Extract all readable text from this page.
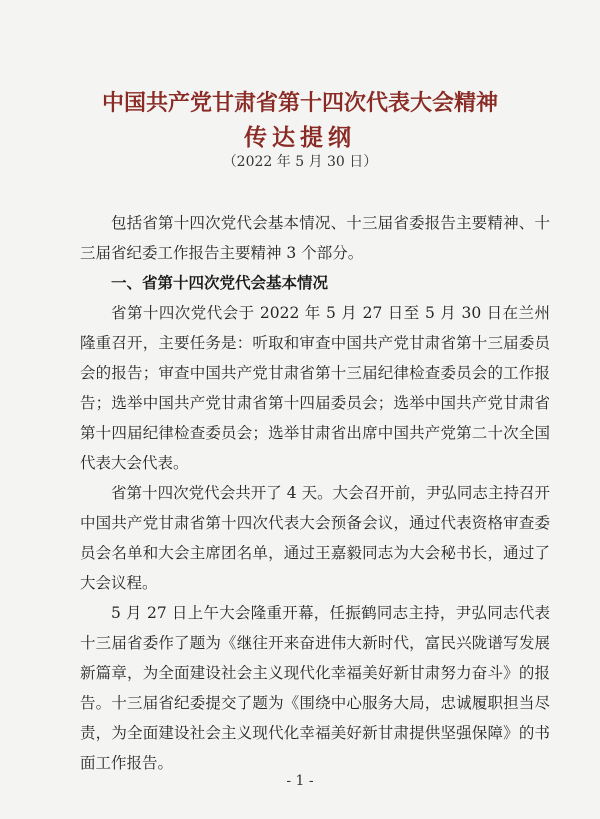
中国共产党甘肃省第十四次代表大会精神
传达提纲
（2022 年 5 月 30 日）

包括省第十四次党代会基本情况、十三届省委报告主要精神、十三届省纪委工作报告主要精神 3 个部分。

一、省第十四次党代会基本情况

省第十四次党代会于 2022 年 5 月 27 日至 5 月 30 日在兰州隆重召开，主要任务是：听取和审查中国共产党甘肃省第十三届委员会的报告；审查中国共产党甘肃省第十三届纪律检查委员会的工作报告；选举中国共产党甘肃省第十四届委员会；选举中国共产党甘肃省第十四届纪律检查委员会；选举甘肃省出席中国共产党第二十次全国代表大会代表。

省第十四次党代会共开了 4 天。大会召开前，尹弘同志主持召开中国共产党甘肃省第十四次代表大会预备会议，通过代表资格审查委员会名单和大会主席团名单，通过王嘉毅同志为大会秘书长，通过了大会议程。

5 月 27 日上午大会隆重开幕，任振鹤同志主持，尹弘同志代表十三届省委作了题为《继往开来奋进伟大新时代，富民兴陇谱写发展新篇章，为全面建设社会主义现代化幸福美好新甘肃努力奋斗》的报告。十三届省纪委提交了题为《围绕中心服务大局，忠诚履职担当尽责，为全面建设社会主义现代化幸福美好新甘肃提供坚强保障》的书面工作报告。

- 1 -
